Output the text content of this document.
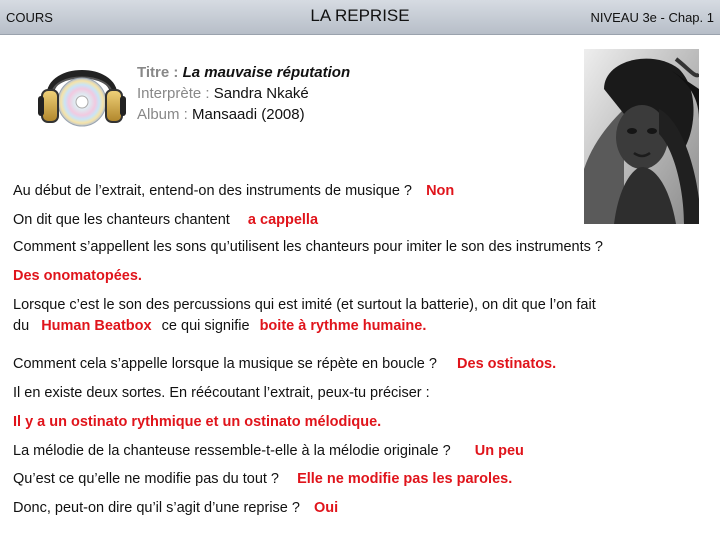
COURS	LA REPRISE	NIVEAU 3e - Chap. 1
Titre : La mauvaise réputation
Interprète : Sandra Nkaké
Album : Mansaadi (2008)
Au début de l’extrait, entend-on des instruments de musique ? Non
On dit que les chanteurs chantent a cappella
Comment s’appellent les sons qu’utilisent les chanteurs pour imiter le son des instruments ?
Des onomatopées.
Lorsque c’est le son des percussions qui est imité (et surtout la batterie), on dit que l’on fait
du Human Beatbox ce qui signifie boite à rythme humaine.
Comment cela s’appelle lorsque la musique se répète en boucle ? Des ostinatos.
Il en existe deux sortes. En réécoutant l’extrait, peux-tu préciser :
Il y a un ostinato rythmique et un ostinato mélodique.
La mélodie de la chanteuse ressemble-t-elle à la mélodie originale ? Un peu
Qu’est ce qu’elle ne modifie pas du tout ? Elle ne modifie pas les paroles.
Donc, peut-on dire qu’il s’agit d’une reprise ? Oui
